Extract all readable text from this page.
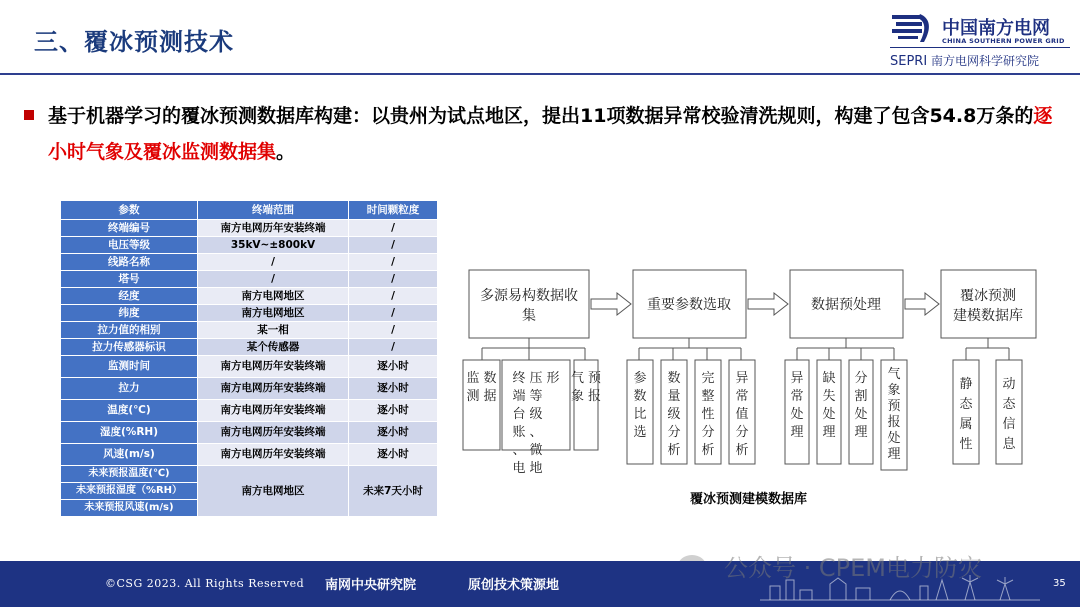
三、覆冰预测技术	中国南方电网
CHINA SOUTHERN POWER GRID
SEPRI 南方电网科学研究院
基于机器学习的覆冰预测数据库构建：以贵州为试点地区，提出11项数据异常校验清洗规则，构建了包含54.8万条的逐小时气象及覆冰监测数据集。
参数	终端范围	时间颗粒度
终端编号	南方电网历年安装终端	/
电压等级	35kV~±800kV	/
线路名称	/	/
塔号	/	/
经度	南方电网地区	/
纬度	南方电网地区	/
拉力值的相别	某一相	/
拉力传感器标识	某个传感器	/
监测时间	南方电网历年安装终端	逐小时
拉力	南方电网历年安装终端	逐小时
温度(℃)	南方电网历年安装终端	逐小时
湿度(%RH)	南方电网历年安装终端	逐小时
风速(m/s)	南方电网历年安装终端	逐小时

未来预报温度(℃)
未来预报湿度（%RH）
未来预报风速(m/s)	南方电网地区	未来7天小时
多源易构数据收
集
重要参数选取	数据预处理
覆冰预测
建模数据库
监
测
数
据
终
端
台
账
、
电
压
等
级
、
微
地
形 气
象
预
报
参
数
比
选
数
量
级
分
析
完
整
性
分
析
异
常
值
分
析
异
常
处
理
缺
失
处
理
分
割
处
理
气
象
预
报
处
理
静
态
属
性
动
态
信
息
覆冰预测建模数据库
公众号 · CPEM电力防灾
©CSG 2023. All Rights Reserved 南网中央研究院	原创技术策源地	35
